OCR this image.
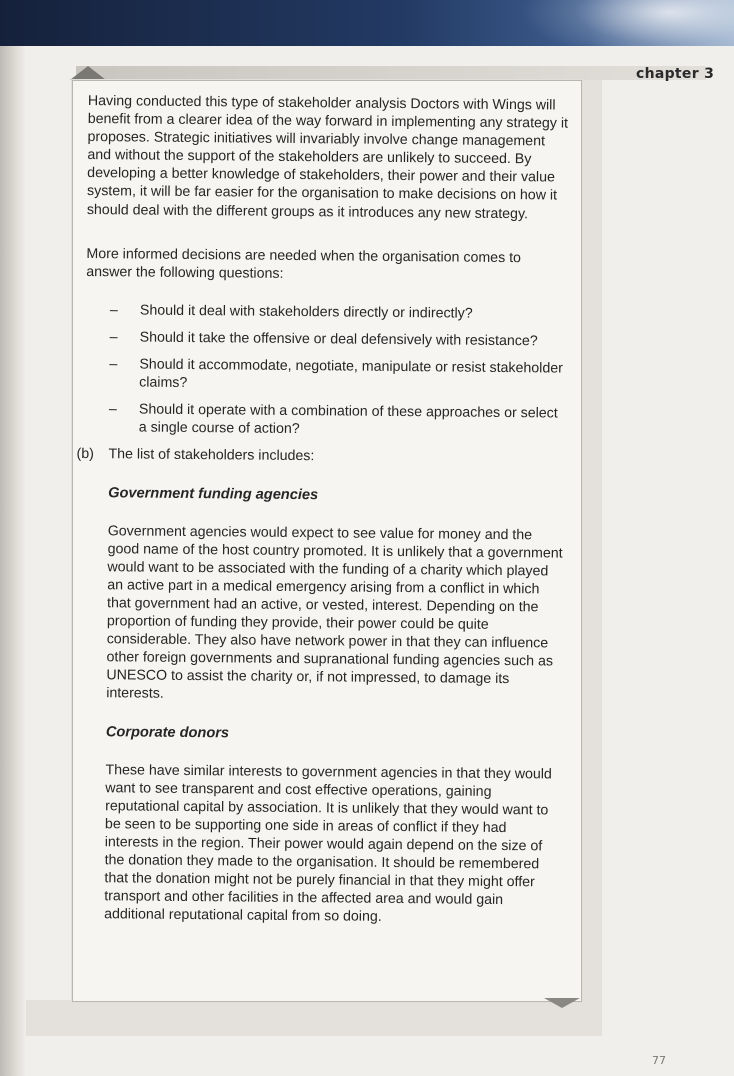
chapter 3

Having conducted this type of stakeholder analysis Doctors with Wings will benefit from a clearer idea of the way forward in implementing any strategy it proposes. Strategic initiatives will invariably involve change management and without the support of the stakeholders are unlikely to succeed. By developing a better knowledge of stakeholders, their power and their value system, it will be far easier for the organisation to make decisions on how it should deal with the different groups as it introduces any new strategy.

More informed decisions are needed when the organisation comes to answer the following questions:

– Should it deal with stakeholders directly or indirectly?
– Should it take the offensive or deal defensively with resistance?
– Should it accommodate, negotiate, manipulate or resist stakeholder claims?
– Should it operate with a combination of these approaches or select a single course of action?
(b) The list of stakeholders includes:

Government funding agencies

Government agencies would expect to see value for money and the good name of the host country promoted. It is unlikely that a government would want to be associated with the funding of a charity which played an active part in a medical emergency arising from a conflict in which that government had an active, or vested, interest. Depending on the proportion of funding they provide, their power could be quite considerable. They also have network power in that they can influence other foreign governments and supranational funding agencies such as UNESCO to assist the charity or, if not impressed, to damage its interests.

Corporate donors

These have similar interests to government agencies in that they would want to see transparent and cost effective operations, gaining reputational capital by association. It is unlikely that they would want to be seen to be supporting one side in areas of conflict if they had interests in the region. Their power would again depend on the size of the donation they made to the organisation. It should be remembered that the donation might not be purely financial in that they might offer transport and other facilities in the affected area and would gain additional reputational capital from so doing.

77
